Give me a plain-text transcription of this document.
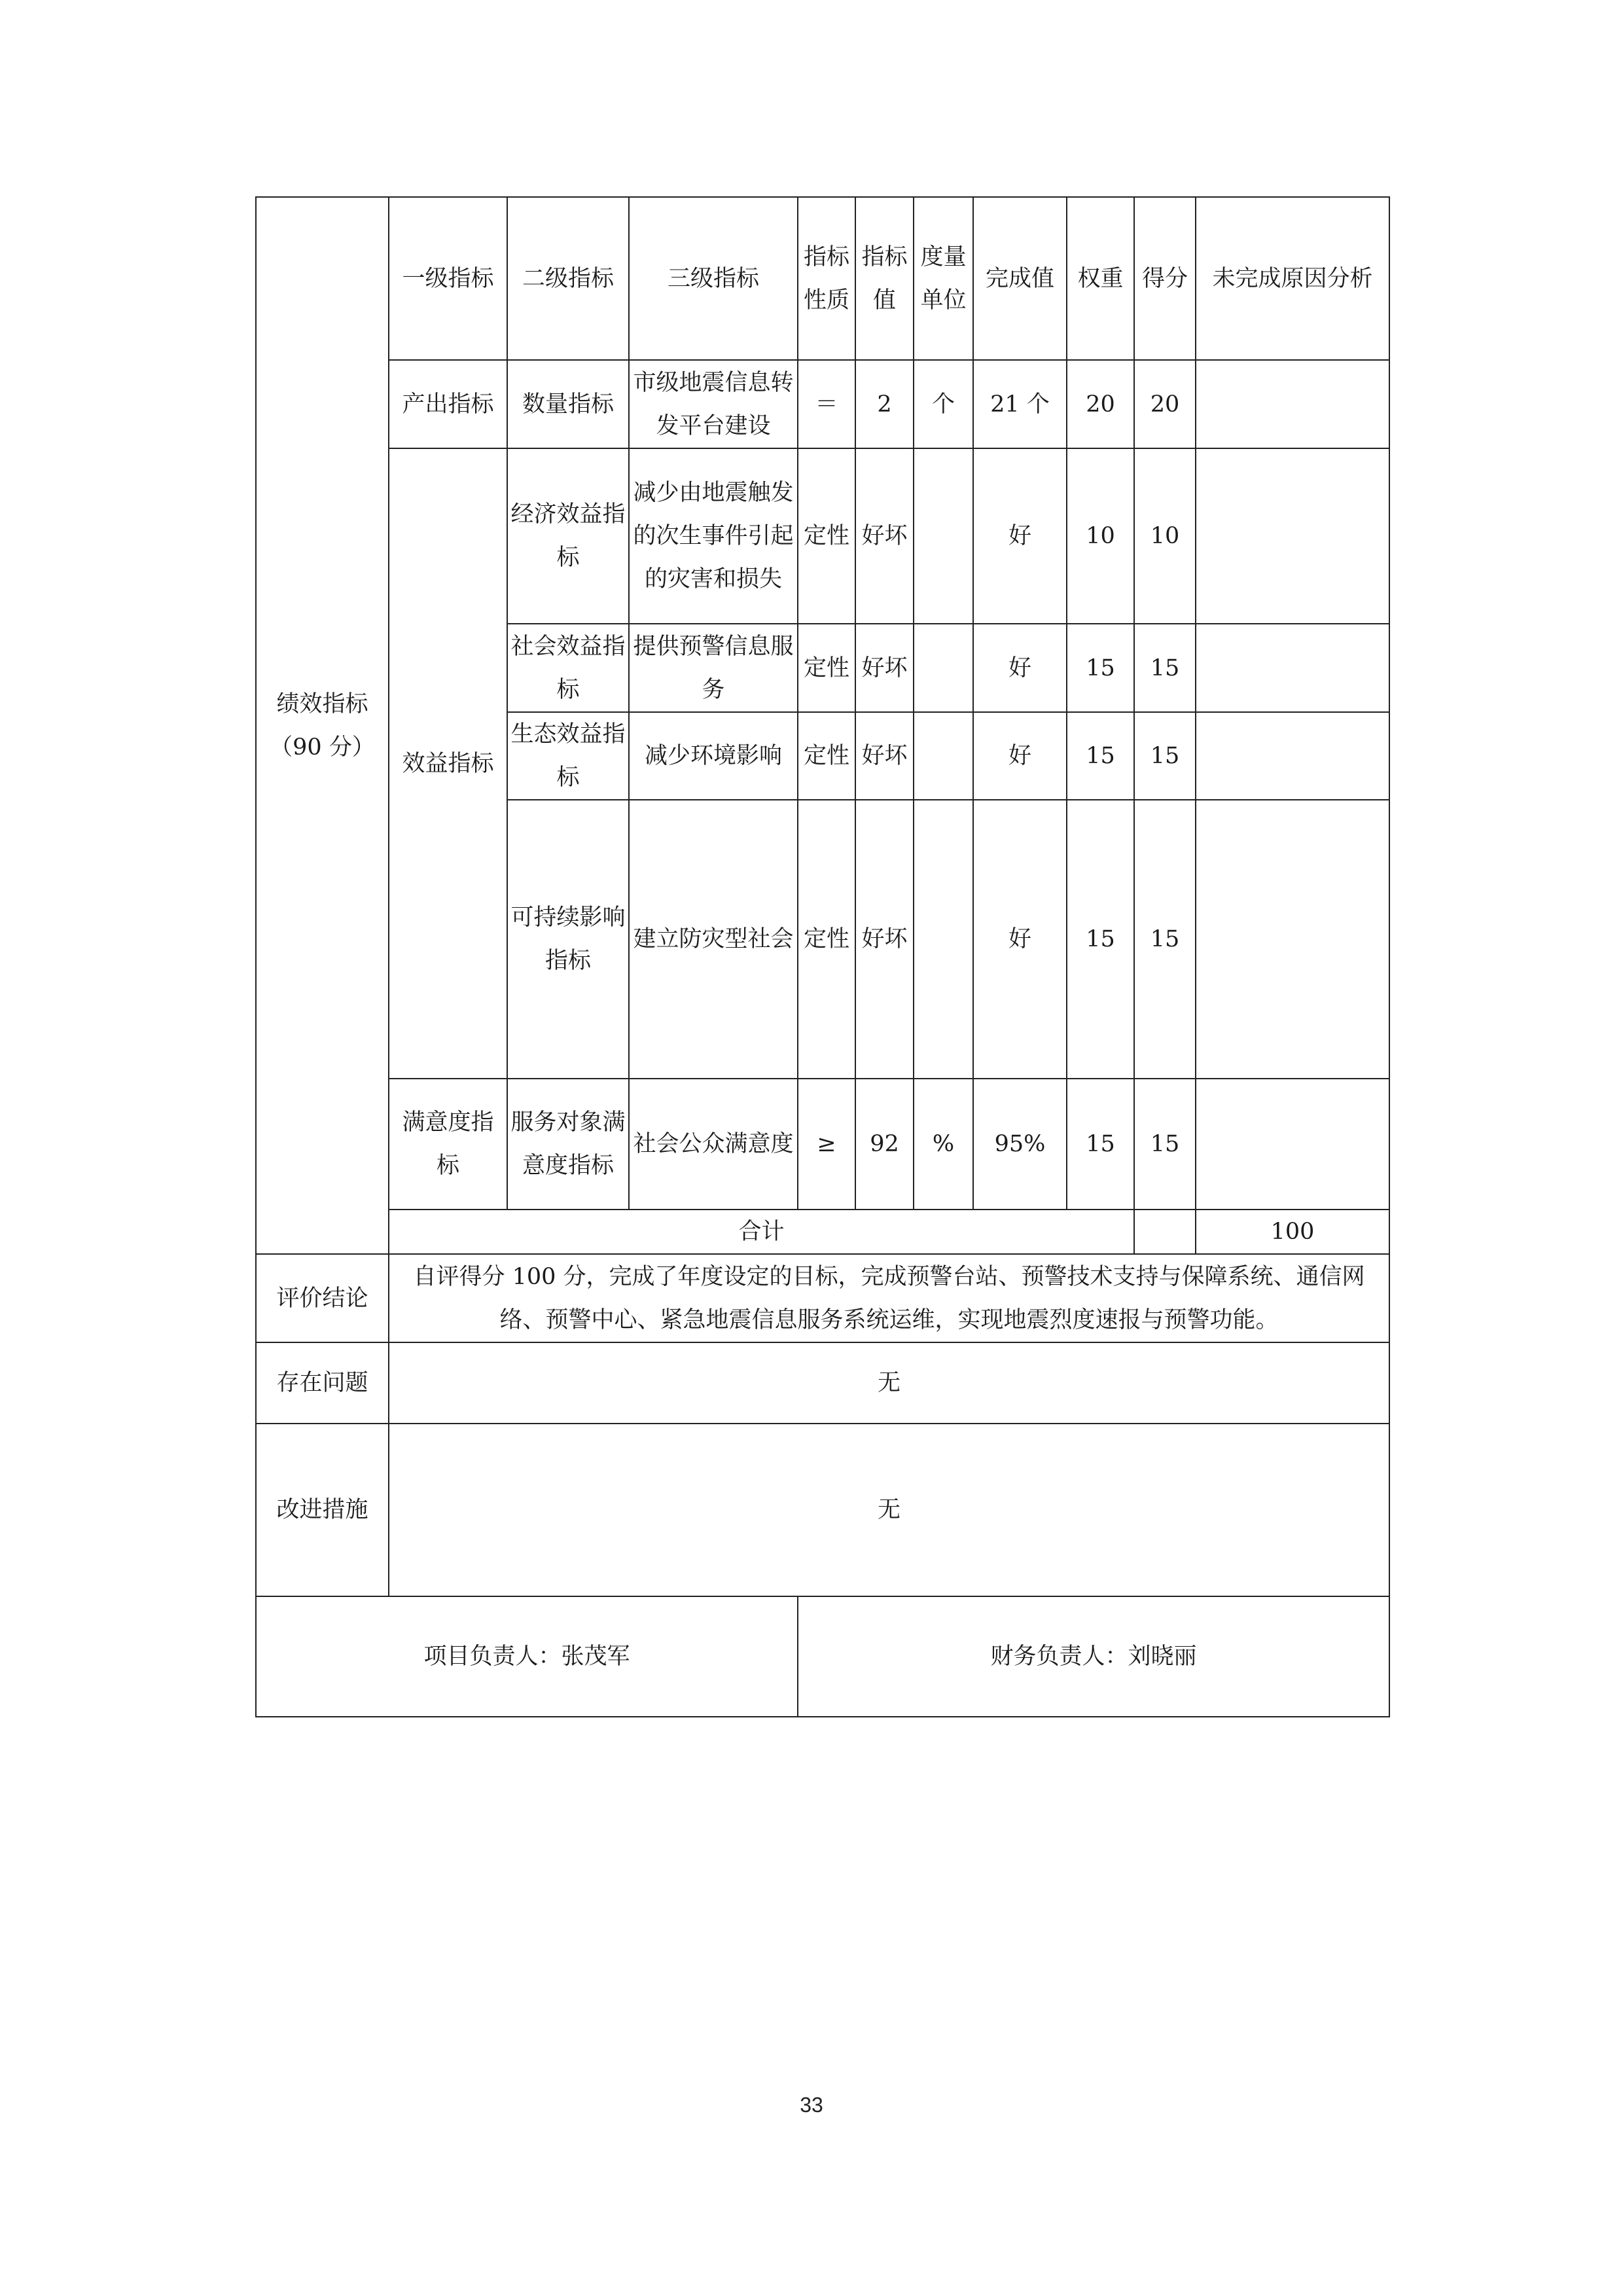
绩效指标（90 分）	一级指标	二级指标	三级指标	指标性质	指标值	度量单位	完成值	权重	得分	未完成原因分析	
	产出指标	数量指标	市级地震信息转发平台建设	＝	2	个	21 个	20	20		
	效益指标	经济效益指标	减少由地震触发的次生事件引起的灾害和损失	定性	好坏		好	10	10		
		社会效益指标	提供预警信息服务	定性	好坏		好	15	15		
		生态效益指标	减少环境影响	定性	好坏		好	15	15		
		可持续影响指标	建立防灾型社会	定性	好坏		好	15	15		
	满意度指标	服务对象满意度指标	社会公众满意度	≥	92	%	95%	15	15		
	合计									100	
评价结论	自评得分 100 分，完成了年度设定的目标，完成预警台站、预警技术支持与保障系统、通信网络、预警中心、紧急地震信息服务系统运维，实现地震烈度速报与预警功能。										
存在问题	无										
改进措施	无										
项目负责人：张茂军				财务负责人：刘晓丽							
33
